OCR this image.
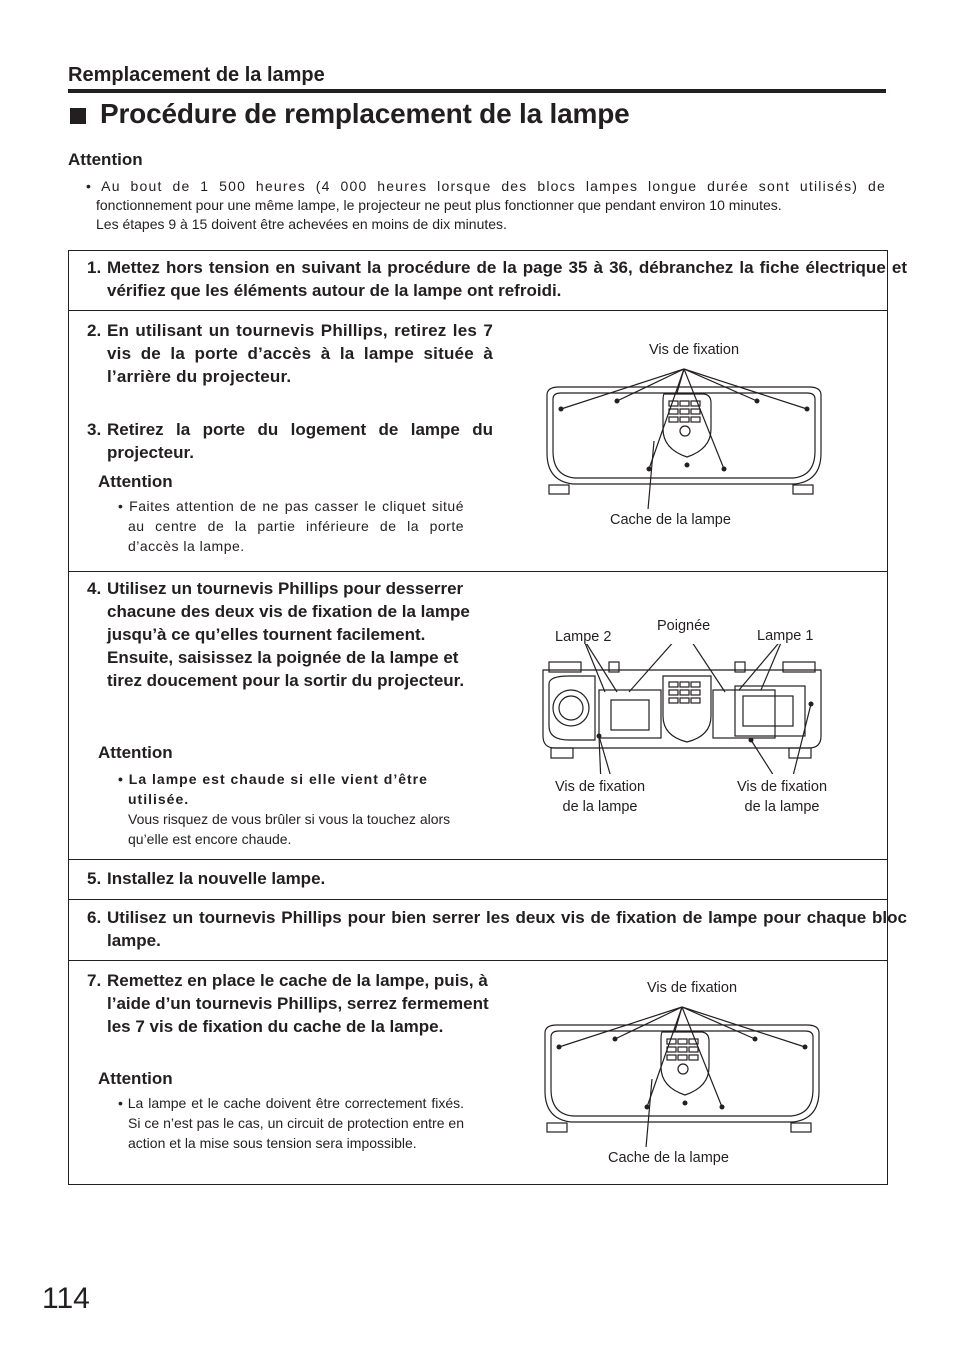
Remplacement de la lampe
Procédure de remplacement de la lampe
Attention
• Au bout de 1 500 heures (4 000 heures lorsque des blocs lampes longue durée sont utilisés) de
fonctionnement pour une même lampe, le projecteur ne peut plus fonctionner que pendant environ 10 minutes.
Les étapes 9 à 15 doivent être achevées en moins de dix minutes.
1. Mettez hors tension en suivant la procédure de la page 35 à 36, débranchez la fiche électrique et vérifiez que les éléments autour de la lampe ont refroidi.
2. En utilisant un tournevis Phillips, retirez les 7 vis de la porte d’accès à la lampe située à l’arrière du projecteur.
3. Retirez la porte du logement de lampe du projecteur.
Attention
• Faites attention de ne pas casser le cliquet situé au centre de la partie inférieure de la porte d’accès la lampe.
Vis de fixation
Cache de la lampe
4. Utilisez un tournevis Phillips pour desserrer chacune des deux vis de fixation de la lampe jusqu’à ce qu’elles tournent facilement. Ensuite, saisissez la poignée de la lampe et tirez doucement pour la sortir du projecteur.
Attention
• La lampe est chaude si elle vient d’être utilisée.
Vous risquez de vous brûler si vous la touchez alors qu’elle est encore chaude.
Lampe 2
Poignée
Lampe 1
Vis de fixation
de la lampe
Vis de fixation
de la lampe
5. Installez la nouvelle lampe.
6. Utilisez un tournevis Phillips pour bien serrer les deux vis de fixation de lampe pour chaque bloc lampe.
7. Remettez en place le cache de la lampe, puis, à l’aide d’un tournevis Phillips, serrez fermement les 7 vis de fixation du cache de la lampe.
Attention
• La lampe et le cache doivent être correctement fixés. Si ce n’est pas le cas, un circuit de protection entre en action et la mise sous tension sera impossible.
Vis de fixation
Cache de la lampe
114
